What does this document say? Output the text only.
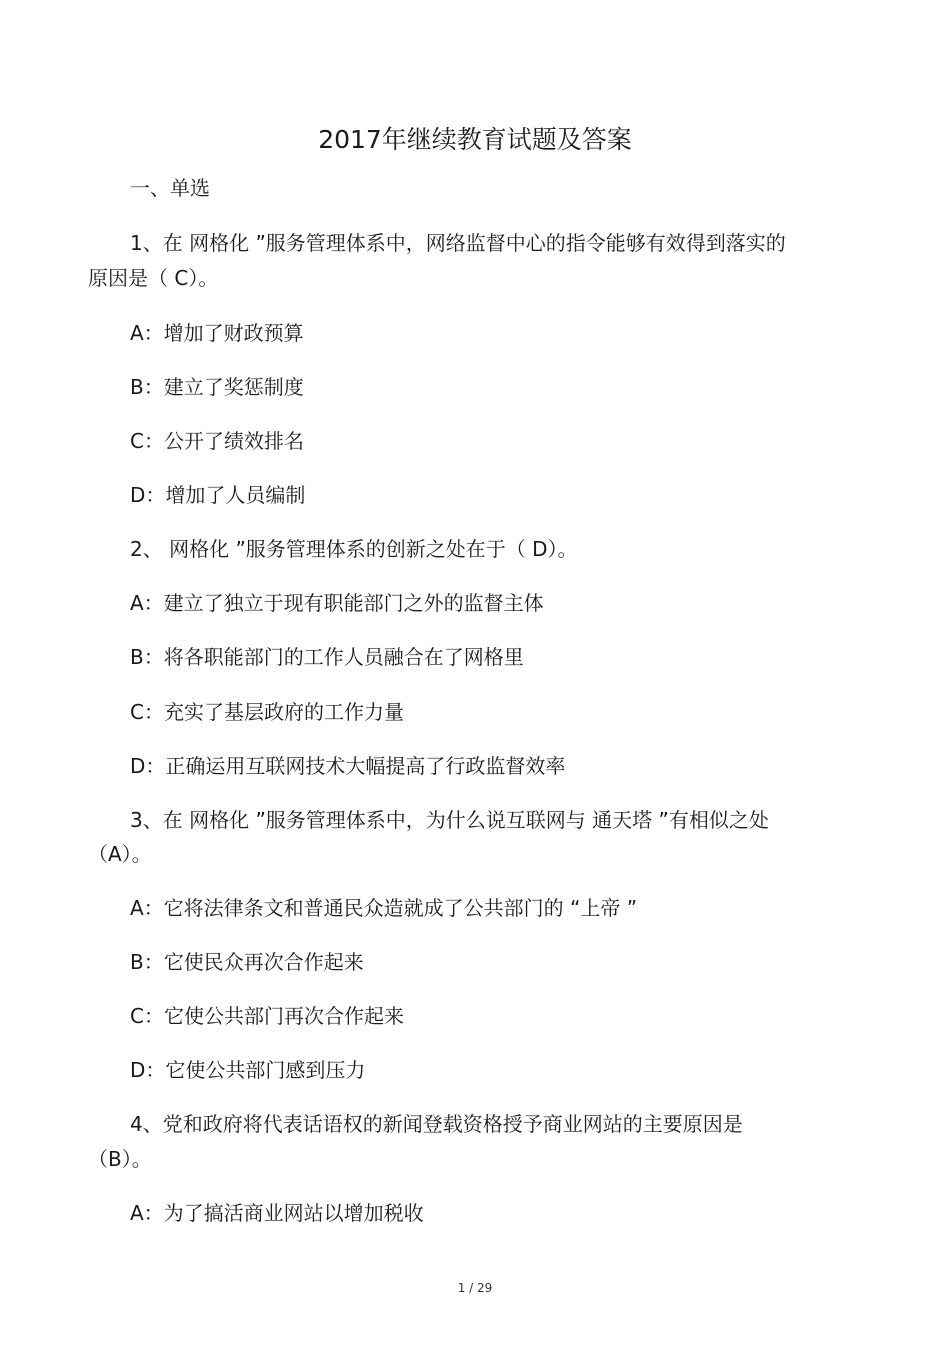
2017年继续教育试题及答案

一、单选

1、在 网格化 ”服务管理体系中，网络监督中心的指令能够有效得到落实的

原因是（ C）。

A：增加了财政预算

B：建立了奖惩制度

C：公开了绩效排名

D：增加了人员编制

2、 网格化 ”服务管理体系的创新之处在于（ D）。

A：建立了独立于现有职能部门之外的监督主体

B：将各职能部门的工作人员融合在了网格里

C：充实了基层政府的工作力量

D：正确运用互联网技术大幅提高了行政监督效率

3、在 网格化 ”服务管理体系中，为什么说互联网与 通天塔 ”有相似之处

（A）。

A：它将法律条文和普通民众造就成了公共部门的 “上帝 ”

B：它使民众再次合作起来

C：它使公共部门再次合作起来

D：它使公共部门感到压力

4、党和政府将代表话语权的新闻登载资格授予商业网站的主要原因是

（B）。

A：为了搞活商业网站以增加税收

1 / 29
